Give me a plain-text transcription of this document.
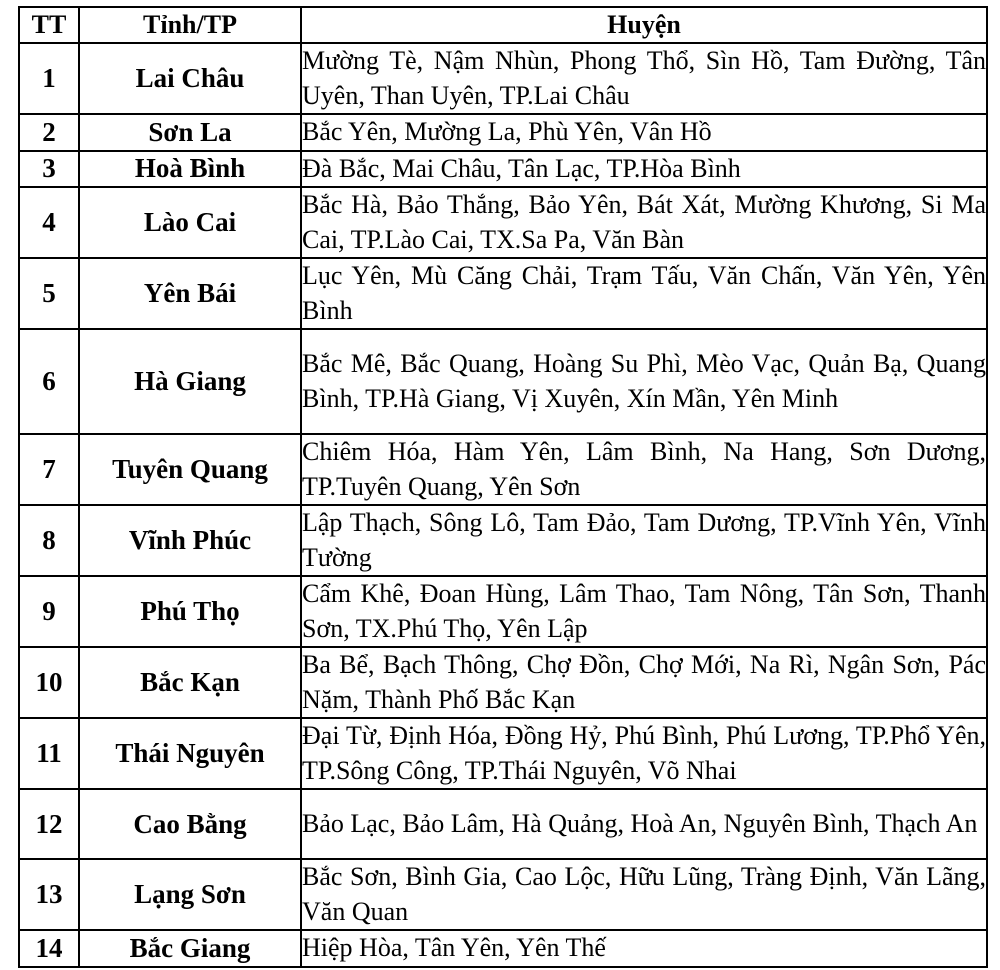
TT	Tỉnh/TP	Huyện
1	Lai Châu	Mường Tè, Nậm Nhùn, Phong Thổ, Sìn Hồ, Tam Đường, Tân Uyên, Than Uyên, TP.Lai Châu
2	Sơn La	Bắc Yên, Mường La, Phù Yên, Vân Hồ
3	Hoà Bình	Đà Bắc, Mai Châu, Tân Lạc, TP.Hòa Bình
4	Lào Cai	Bắc Hà, Bảo Thắng, Bảo Yên, Bát Xát, Mường Khương, Si Ma Cai, TP.Lào Cai, TX.Sa Pa, Văn Bàn
5	Yên Bái	Lục Yên, Mù Căng Chải, Trạm Tấu, Văn Chấn, Văn Yên, Yên Bình
6	Hà Giang	Bắc Mê, Bắc Quang, Hoàng Su Phì, Mèo Vạc, Quản Bạ, Quang Bình, TP.Hà Giang, Vị Xuyên, Xín Mần, Yên Minh
7	Tuyên Quang	Chiêm Hóa, Hàm Yên, Lâm Bình, Na Hang, Sơn Dương, TP.Tuyên Quang, Yên Sơn
8	Vĩnh Phúc	Lập Thạch, Sông Lô, Tam Đảo, Tam Dương, TP.Vĩnh Yên, Vĩnh Tường
9	Phú Thọ	Cẩm Khê, Đoan Hùng, Lâm Thao, Tam Nông, Tân Sơn, Thanh Sơn, TX.Phú Thọ, Yên Lập
10	Bắc Kạn	Ba Bể, Bạch Thông, Chợ Đồn, Chợ Mới, Na Rì, Ngân Sơn, Pác Nặm, Thành Phố Bắc Kạn
11	Thái Nguyên	Đại Từ, Định Hóa, Đồng Hỷ, Phú Bình, Phú Lương, TP.Phổ Yên, TP.Sông Công, TP.Thái Nguyên, Võ Nhai
12	Cao Bằng	Bảo Lạc, Bảo Lâm, Hà Quảng, Hoà An, Nguyên Bình, Thạch An
13	Lạng Sơn	Bắc Sơn, Bình Gia, Cao Lộc, Hữu Lũng, Tràng Định, Văn Lãng, Văn Quan
14	Bắc Giang	Hiệp Hòa, Tân Yên, Yên Thế
